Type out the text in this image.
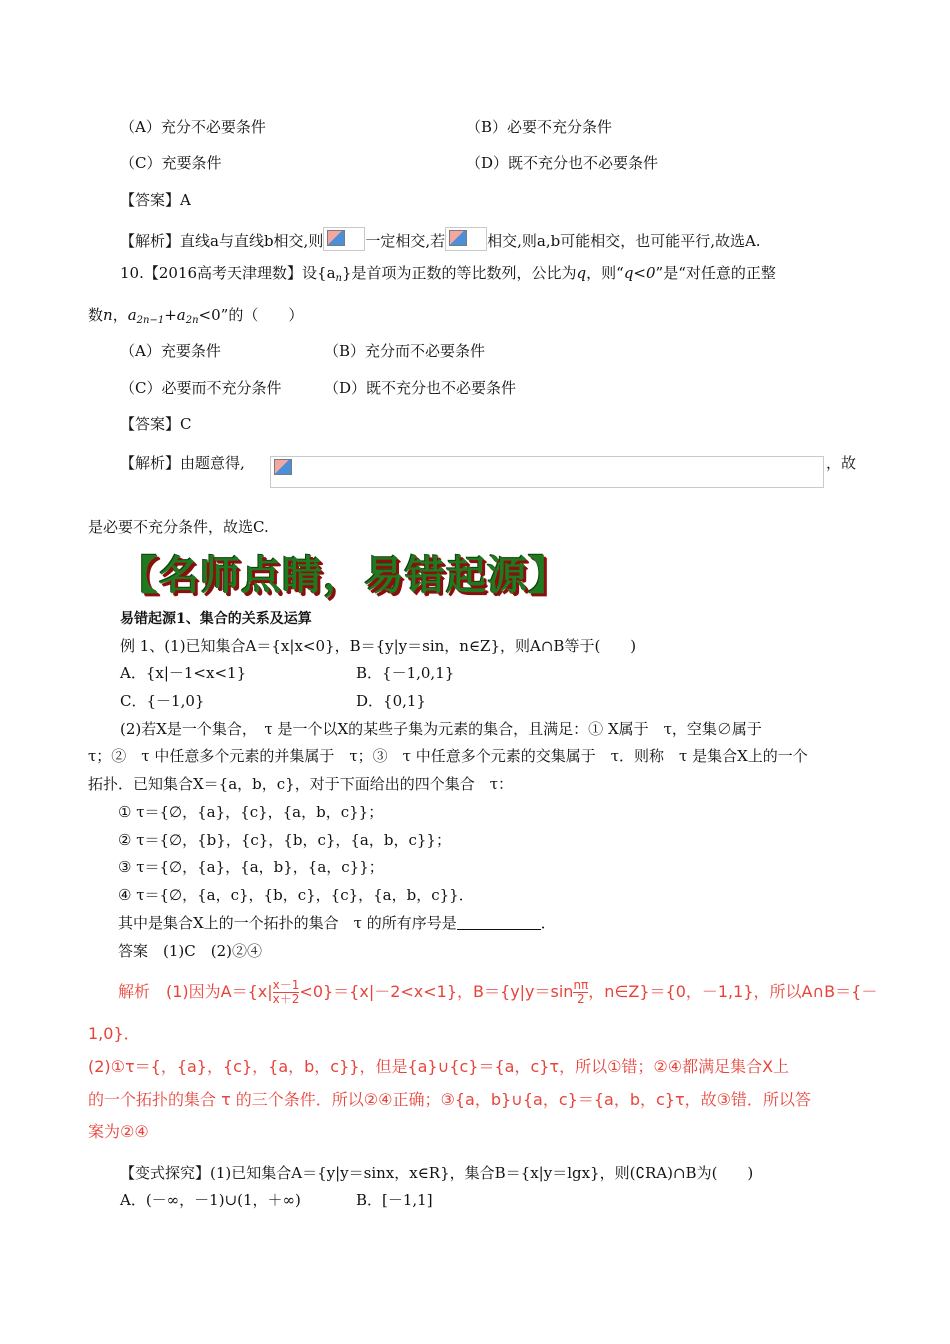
（A）充分不必要条件	（B）必要不充分条件
（C）充要条件	（D）既不充分也不必要条件
【答案】A
【解析】直线a与直线b相交,则	一定相交,若	相交,则a,b可能相交，也可能平行,故选A.
10.【2016高考天津理数】设$\{a_n\}$是首项为正数的等比数列，公比为q，则“q<0”是“对任意的正整
数n，$a_{2n-1}+a_{2n}<0$”的（　　）
（A）充要条件	（B）充分而不必要条件
（C）必要而不充分条件	（D）既不充分也不必要条件
【答案】C
【解析】由题意得,	，故
是必要不充分条件，故选C.
【名师点睛，易错起源】
易错起源1、集合的关系及运算
例 1、(1)已知集合A＝{x|x<0}，B＝{y|y＝sin，n∈Z}，则A∩B等于(　　)
A．{x|－1<x<1}	B．{－1,0,1}
C．{－1,0}	D．{0,1}
(2)若X是一个集合，　τ 是一个以X的某些子集为元素的集合，且满足：① X属于　τ，空集∅属于
τ；②　τ 中任意多个元素的并集属于　τ；③　τ 中任意多个元素的交集属于　τ．则称　τ 是集合X上的一个
拓扑．已知集合X＝{a，b，c}，对于下面给出的四个集合　τ：
① τ＝{∅，{a}，{c}，{a，b，c}}；
② τ＝{∅，{b}，{c}，{b，c}，{a，b，c}}；
③ τ＝{∅，{a}，{a，b}，{a，c}}；
④ τ＝{∅，{a，c}，{b，c}，{c}，{a，b，c}}．
其中是集合X上的一个拓扑的集合　τ 的所有序号是	．
答案　(1)C　(2)②④
解析　(1)因为$A=\{x| \frac{x-1}{x+2} <0\}=\{x|-2<x<1\}$，$B=\{y|y=\sin \frac{n\pi}{2}$ ，n∈Z}＝{0，－1,1}，所以A∩B＝{－
1,0}．
(2)①τ＝{，{a}，{c}，{a，b，c}}，但是{a}∪{c}＝{a，c}τ，所以①错；②④都满足集合X上
的一个拓扑的集合 τ 的三个条件．所以②④正确；③{a，b}∪{a，c}＝{a，b，c}τ，故③错．所以答
案为②④
【变式探究】(1)已知集合A＝{y|y＝sinx，x∈R}，集合B＝{x|y＝lgx}，则(∁RA)∩B为(　　)
A．(－∞，－1)∪(1，＋∞)	B．[－1,1]
